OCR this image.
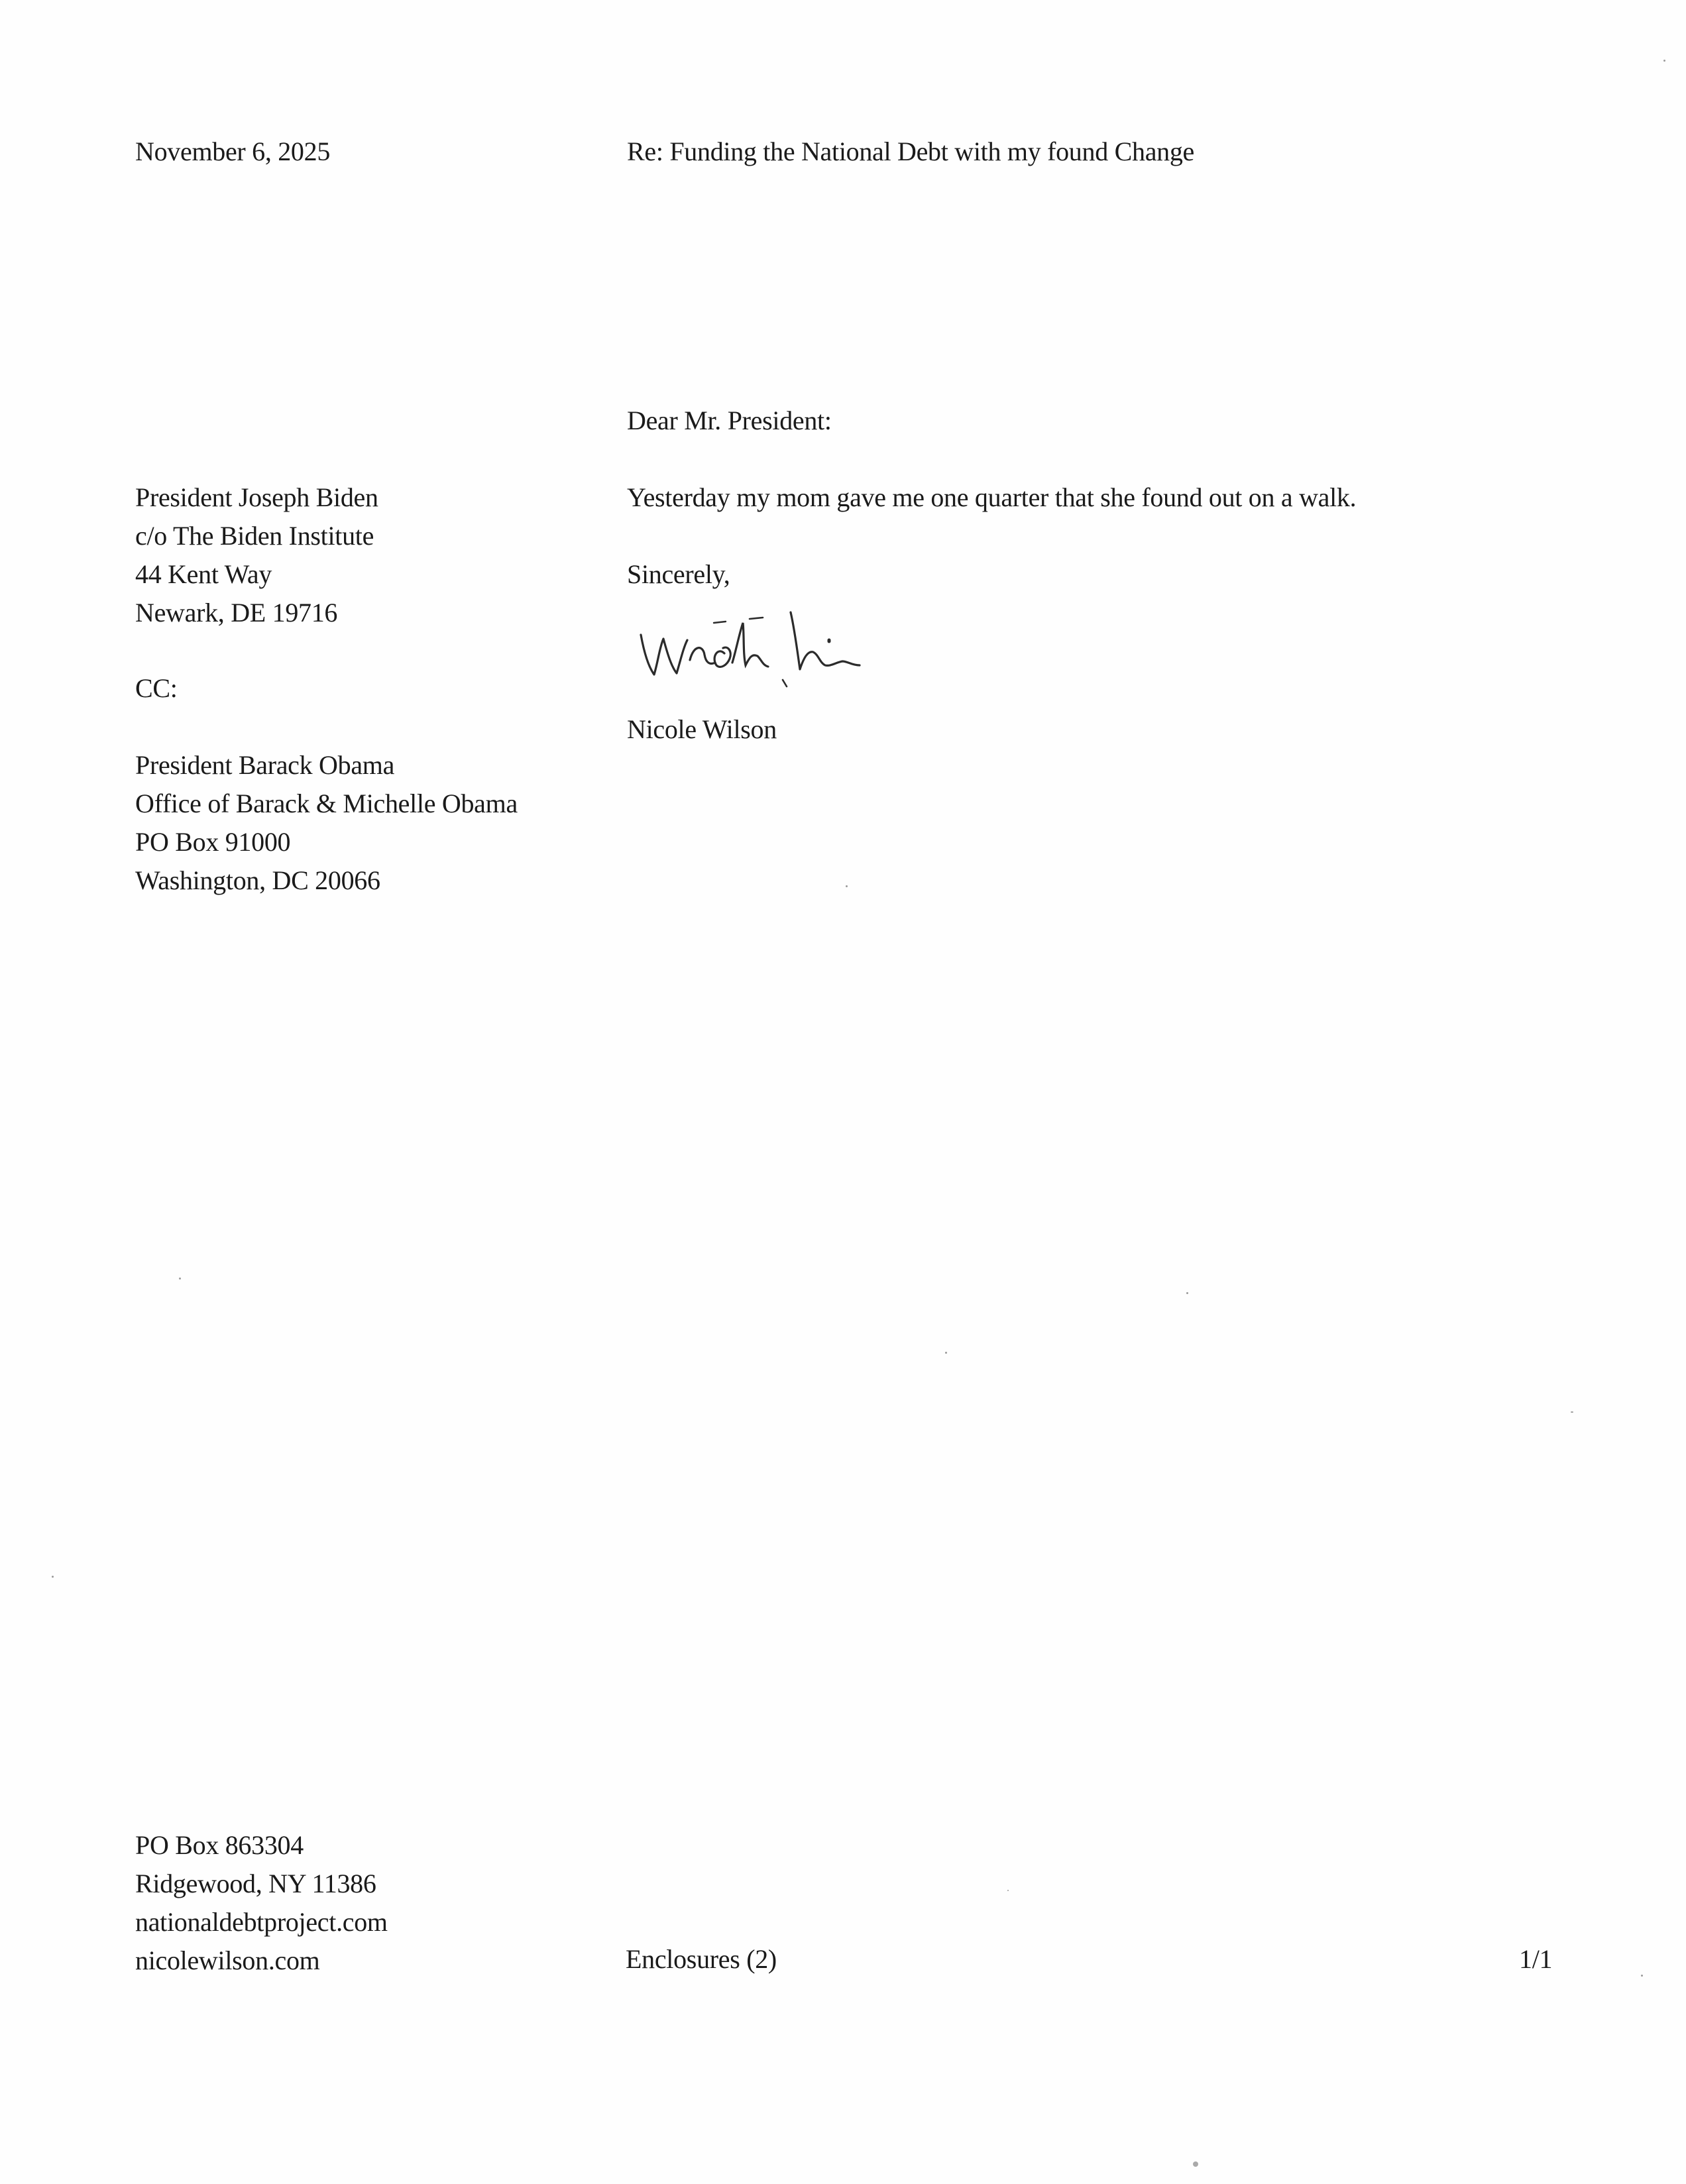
November 6, 2025	Re: Funding the National Debt with my found Change
Dear Mr. President:
President Joseph Biden
c/o The Biden Institute
44 Kent Way
Newark, DE 19716
Yesterday my mom gave me one quarter that she found out on a walk.
Sincerely,
Nicole Wilson
CC:
President Barack Obama
Office of Barack & Michelle Obama
PO Box 91000
Washington, DC 20066
PO Box 863304
Ridgewood, NY 11386
nationaldebtproject.com
nicolewilson.com	Enclosures (2)	1/1
